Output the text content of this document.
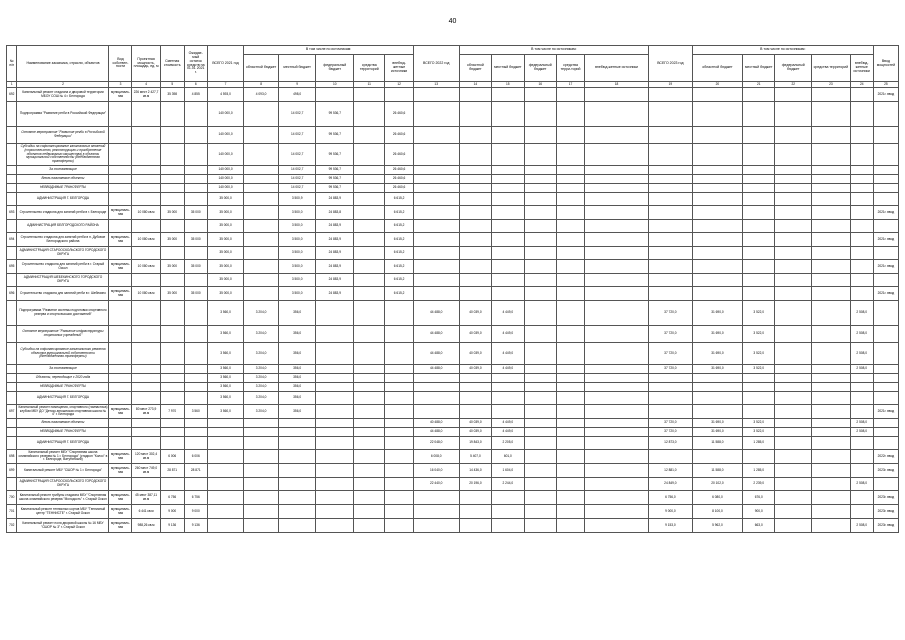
40
№ п/п	Наименование заказчика, отрасли, объектов	Вид собствен-ности	Проектная мощность, площадь, ед. м	Сметная стоимость	Ожидае-мый остаток средств на 01.01 2021 г.	ВСЕГО 2021 год	В том числе по источникам:					ВСЕГО 2022 год	В том числе по источникам:					ВСЕГО 2023 год	В том числе по источникам:					Ввод мощностей
							областной бюджет	местный бюджет	федеральный бюджет	средства территорий	внебюд-жетные источники		областной бюджет	местный бюджет	федеральный бюджет	средства терри-торий	внебюд-жетные источники		областной бюджет	местный бюджет	федеральный бюджет	средства территорий	внебюд-жетные источники	
1	2	3	4	5	6	7	8	9	10	11	12	13	14	15	16	17	18	19	20	21	22	23	24	25
692	Капитальный ремонт стадиона и дворовой территории МБОУ СОШ № 4 г. Белгорода	муниципаль-ная	226 мест 2 427,7 кв.м	35 398	4 855	4 593,0	4 093,0	498,0																2021г. ввод
	Подпрограмма "Развитие регби в Российской Федерации"					140 000,0		14 002,7	99 536,7		26 460,6													
	Основное мероприятие "Развитие регби в Российской Федерации"					140 000,0		14 002,7	99 536,7		26 460,6													
	Субсидии на софинансирование капитальных вложений (строительство, реконструкцию и приобретение объектов недвижимого имущества) в объекты муниципальной собственности (Внебюджетная трансферты)					140 000,0		14 002,7	99 536,7		26 460,6													
	За составляющие					140 000,0		14 002,7	99 536,7		26 460,6													
	Вновь начинаемые объекты					140 000,0		14 002,7	99 536,7		26 460,6													
	НЕВВОДИМЫЕ ТРАНСФЕРТЫ					140 000,0		14 002,7	99 536,7		26 460,6													
	АДМИНИСТРАЦИЯ Г. БЕЛГОРОДА					35 000,0		3 500,9	24 883,9		6 615,2													
693	Строительство стадиона для занятий регби в г. Белгороде	муниципаль-ная	10 080 кв.м	35 000	35 000	35 000,0		3 500,0	24 883,8		6 615,2													2021г. ввод
	АДМИНИСТРАЦИЯ БЕЛГОРОДСКОГО РАЙОНА					35 000,0		3 500,0	24 883,9		6 615,2													
694	Строительство стадиона для занятий регби в п. Дубовое Белгородского района	муниципаль-ная	10 080 кв.м	35 000	35 000	35 000,0		3 500,0	24 883,9		6 615,2													2021г. ввод
	АДМИНИСТРАЦИЯ СТАРООСКОЛЬСКОГО ГОРОДСКОГО ОКРУГА					35 000,0		3 500,0	24 883,9		6 615,2													
695	Строительство стадиона для занятий регби в г. Старый Оскол	муниципаль-ная	10 080 кв.м	35 000	35 000	35 000,0		3 500,0	24 883,9		6 615,2													2021г. ввод
	АДМИНИСТРАЦИЯ ШЕБЕКИНСКОГО ГОРОДСКОГО ОКРУГА					35 000,0		3 500,0	24 883,9		6 615,2													
696	Строительство стадиона для занятий регби в г. Шебекино	муниципаль-ная	10 080 кв.м	35 000	35 000	35 000,0		3 500,0	24 883,9		6 615,2													2021г. ввод
	Подпрограмма "Развитие системы подготовки спортивного резерва и спорта высших достижений"					3 560,0	3 204,0	356,0				44 488,0	40 039,0	4 449,0				37 720,0	31 690,0	3 522,0			2 508,0	
	Основное мероприятие "Развитие инфраструктуры спортивных учреждений"					3 560,0	3 204,0	356,0				44 488,0	40 039,0	4 449,0				37 720,0	31 690,0	3 522,0			2 508,0	
	Субсидии на софинансирование капитального ремонта объектов муниципальной собственности (Внебюджетная трансферты)					3 560,0	3 204,0	356,0				44 488,0	40 039,0	4 449,0				37 720,0	31 690,0	3 522,0			2 508,0	
	За составляющие					3 560,0	3 204,0	356,0				44 488,0	40 039,0	4 449,0				37 720,0	31 690,0	3 522,0			2 508,0	
	Объекты, переходящие с 2020 года					3 560,0	3 204,0	356,0																
	НЕВВОДИМЫЕ ТРАНСФЕРТЫ					3 560,0	3 204,0	356,0																
	АДМИНИСТРАЦИЯ Г. БЕЛГОРОДА					3 560,0	3 204,0	356,0																
697	Капитальный ремонт помещения, спортивного (гимнастика) клубом МБУ ДО "Детско-юношеская спортивная школа № 4" г. Белгорода	муниципаль-ная	80 мест 273,9 кв.м	7 970	3 560	3 560,0	3 204,0	356,0																2021г. ввод
	Вновь начинаемые объекты											40 488,0	40 039,0	4 449,0				37 720,0	31 690,0	3 522,0			2 508,0	
	НЕВВОДИМЫЕ ТРАНСФЕРТЫ											44 488,0	40 039,0	4 449,0				37 720,0	31 690,0	3 522,0			2 508,0	
	АДМИНИСТРАЦИЯ Г. БЕЛГОРОДА											22 048,0	19 843,0	2 205,0				12 873,0	11 588,0	1 285,0				
698	Капитальный ремонт МБУ "Спортивная школа олимпийского резерва № 1 г. Белгорода" (стадион "Колос" в г. Белгороде, Ватутинский)	муниципаль-ная	120 мест 302,4 кв.м	6 006	6 006							6 008,0	5 407,0	601,0										2022г. ввод
699	Капитальный ремонт МБУ "СШОР № 1 г. Белгорода"	муниципаль-ная	260 мест 749,0 кв.м	28 871	28 871							16 040,0	14 436,0	1 604,0				12 881,0	11 588,0	1 285,0				2023г. ввод
	АДМИНИСТРАЦИЯ СТАРООСКОЛЬСКОГО ГОРОДСКОГО ОКРУГА											22 440,0	20 196,0	2 244,0				24 849,0	20 102,0	2 239,0			2 508,0	
700	Капитальный ремонт трибуны стадиона МБУ "Спортивная школа олимпийского резерва "Молодость" г. Старый Оскол	муниципаль-ная	45 мест 387,11 кв.м	6 756	6 756													6 756,0	6 080,0	676,0				2023г. ввод
701	Капитальный ремонт теннисных кортов МБУ "Теннисный центр "ТЕННИСТЕ" г. Старый Оскол	муниципаль-ная	6 441 кв.м	9 000	9 000													9 000,0	8 100,0	900,0				2023г. ввод
702	Капитальный ремонт поля дворовой школы № 16 МБУ "СШОР № 3" г. Старый Оскол	муниципаль-ная	988,26 кв.м	9 136	9 136													9 153,0	5 962,0	663,0			2 508,0	2023г. ввод
